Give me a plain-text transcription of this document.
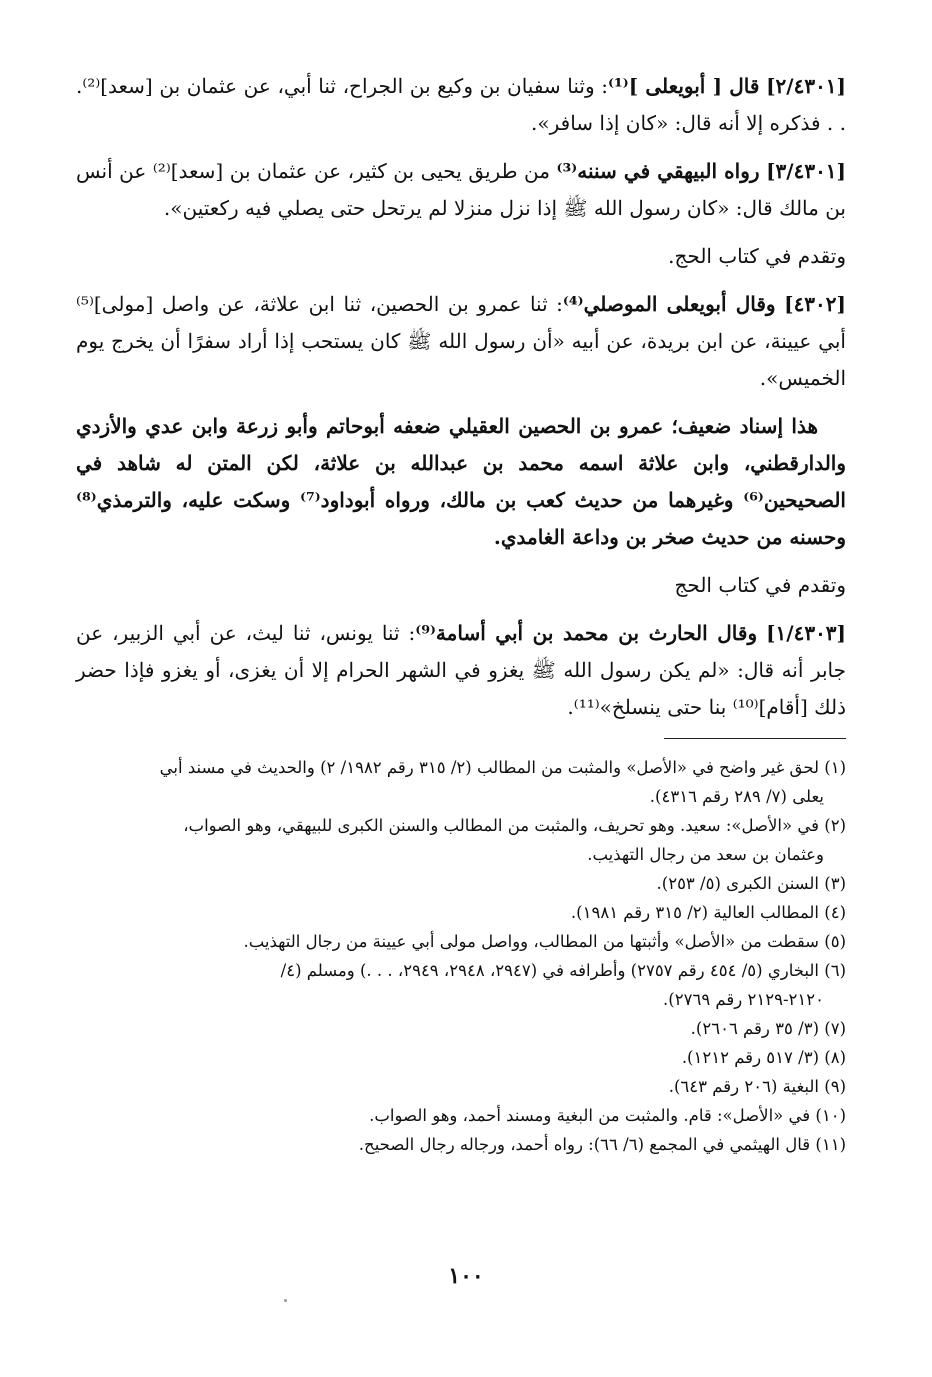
[٢/٤٣٠١] قال [ أبويعلى ]⁽¹⁾: وثنا سفيان بن وكيع بن الجراح، ثنا أبي، عن عثمان بن [سعد]⁽²⁾. . . فذكره إلا أنه قال: «كان إذا سافر».

[٣/٤٣٠١] رواه البيهقي في سننه⁽³⁾ من طريق يحيى بن كثير، عن عثمان بن [سعد]⁽²⁾ عن أنس بن مالك قال: «كان رسول الله ﷺ إذا نزل منزلا لم يرتحل حتى يصلي فيه ركعتين».

وتقدم في كتاب الحج.

[٤٣٠٢] وقال أبويعلى الموصلي⁽⁴⁾: ثنا عمرو بن الحصين، ثنا ابن علاثة، عن واصل [مولى]⁽⁵⁾ أبي عيينة، عن ابن بريدة، عن أبيه «أن رسول الله ﷺ كان يستحب إذا أراد سفرًا أن يخرج يوم الخميس».

هذا إسناد ضعيف؛ عمرو بن الحصين العقيلي ضعفه أبوحاتم وأبو زرعة وابن عدي والأزدي والدارقطني، وابن علاثة اسمه محمد بن عبدالله بن علاثة، لكن المتن له شاهد في الصحيحين⁽⁶⁾ وغيرهما من حديث كعب بن مالك، ورواه أبوداود⁽⁷⁾ وسكت عليه، والترمذي⁽⁸⁾ وحسنه من حديث صخر بن وداعة الغامدي.

وتقدم في كتاب الحج

[١/٤٣٠٣] وقال الحارث بن محمد بن أبي أسامة⁽⁹⁾: ثنا يونس، ثنا ليث، عن أبي الزبير، عن جابر أنه قال: «لم يكن رسول الله ﷺ يغزو في الشهر الحرام إلا أن يغزى، أو يغزو فإذا حضر ذلك [أقام]⁽¹⁰⁾ بنا حتى ينسلخ»⁽¹¹⁾.

(١) لحق غير واضح في «الأصل» والمثبت من المطالب (٢/ ٣١٥ رقم ١٩٨٢/ ٢) والحديث في مسند أبي
يعلى (٧/ ٢٨٩ رقم ٤٣١٦).

(٢) في «الأصل»: سعيد. وهو تحريف، والمثبت من المطالب والسنن الكبرى للبيهقي، وهو الصواب،
وعثمان بن سعد من رجال التهذيب.

(٣) السنن الكبرى (٥/ ٢٥٣).

(٤) المطالب العالية (٢/ ٣١٥ رقم ١٩٨١).

(٥) سقطت من «الأصل» وأثبتها من المطالب، وواصل مولى أبي عيينة من رجال التهذيب.

(٦) البخاري (٥/ ٤٥٤ رقم ٢٧٥٧) وأطرافه في (٢٩٤٧، ٢٩٤٨، ٢٩٤٩، . . .) ومسلم (٤/
٢١٢٠-٢١٢٩ رقم ٢٧٦٩).

(٧) (٣/ ٣٥ رقم ٢٦٠٦).

(٨) (٣/ ٥١٧ رقم ١٢١٢).

(٩) البغية (٢٠٦ رقم ٦٤٣).

(١٠) في «الأصل»: قام. والمثبت من البغية ومسند أحمد، وهو الصواب.

(١١) قال الهيثمي في المجمع (٦/ ٦٦): رواه أحمد، ورجاله رجال الصحيح.

١٠٠
